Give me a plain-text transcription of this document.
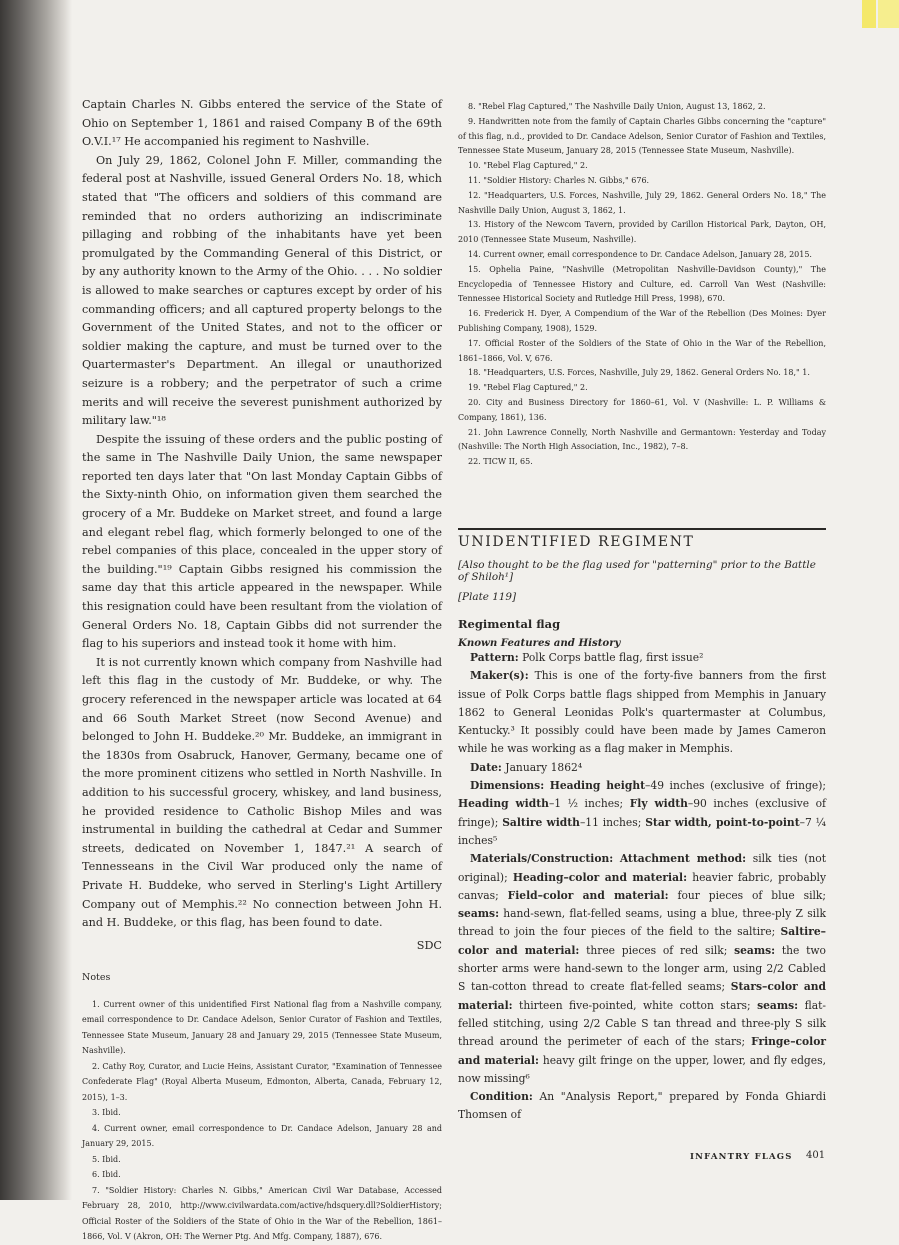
Captain Charles N. Gibbs entered the service of the State of Ohio on September 1, 1861 and raised Company B of the 69th O.V.I.¹⁷ He accompanied his regiment to Nashville.

On July 29, 1862, Colonel John F. Miller, commanding the federal post at Nashville, issued General Orders No. 18, which stated that "The officers and soldiers of this command are reminded that no orders authorizing an indiscriminate pillaging and robbing of the inhabitants have yet been promulgated by the Commanding General of this District, or by any authority known to the Army of the Ohio. . . . No soldier is allowed to make searches or captures except by order of his commanding officers; and all captured property belongs to the Government of the United States, and not to the officer or soldier making the capture, and must be turned over to the Quartermaster's Department. An illegal or unauthorized seizure is a robbery; and the perpetrator of such a crime merits and will receive the severest punishment authorized by military law."¹⁸

Despite the issuing of these orders and the public posting of the same in The Nashville Daily Union, the same newspaper reported ten days later that "On last Monday Captain Gibbs of the Sixty-ninth Ohio, on information given them searched the grocery of a Mr. Buddeke on Market street, and found a large and elegant rebel flag, which formerly belonged to one of the rebel companies of this place, concealed in the upper story of the building."¹⁹ Captain Gibbs resigned his commission the same day that this article appeared in the newspaper. While this resignation could have been resultant from the violation of General Orders No. 18, Captain Gibbs did not surrender the flag to his superiors and instead took it home with him.

It is not currently known which company from Nashville had left this flag in the custody of Mr. Buddeke, or why. The grocery referenced in the newspaper article was located at 64 and 66 South Market Street (now Second Avenue) and belonged to John H. Buddeke.²⁰ Mr. Buddeke, an immigrant in the 1830s from Osabruck, Hanover, Germany, became one of the more prominent citizens who settled in North Nashville. In addition to his successful grocery, whiskey, and land business, he provided residence to Catholic Bishop Miles and was instrumental in building the cathedral at Cedar and Summer streets, dedicated on November 1, 1847.²¹ A search of Tennesseans in the Civil War produced only the name of Private H. Buddeke, who served in Sterling's Light Artillery Company out of Memphis.²² No connection between John H. and H. Buddeke, or this flag, has been found to date.

SDC

Notes

1. Current owner of this unidentified First National flag from a Nashville company, email correspondence to Dr. Candace Adelson, Senior Curator of Fashion and Textiles, Tennessee State Museum, January 28 and January 29, 2015 (Tennessee State Museum, Nashville).

2. Cathy Roy, Curator, and Lucie Heins, Assistant Curator, "Examination of Tennessee Confederate Flag" (Royal Alberta Museum, Edmonton, Alberta, Canada, February 12, 2015), 1–3.

3. Ibid.

4. Current owner, email correspondence to Dr. Candace Adelson, January 28 and January 29, 2015.

5. Ibid.

6. Ibid.

7. "Soldier History: Charles N. Gibbs," American Civil War Database, Accessed February 28, 2010, http://www.civilwardata.com/active/hdsquery.dll?SoldierHistory; Official Roster of the Soldiers of the State of Ohio in the War of the Rebellion, 1861–1866, Vol. V (Akron, OH: The Werner Ptg. And Mfg. Company, 1887), 676.

8. "Rebel Flag Captured," The Nashville Daily Union, August 13, 1862, 2.

9. Handwritten note from the family of Captain Charles Gibbs concerning the "capture" of this flag, n.d., provided to Dr. Candace Adelson, Senior Curator of Fashion and Textiles, Tennessee State Museum, January 28, 2015 (Tennessee State Museum, Nashville).

10. "Rebel Flag Captured," 2.

11. "Soldier History: Charles N. Gibbs," 676.

12. "Headquarters, U.S. Forces, Nashville, July 29, 1862. General Orders No. 18," The Nashville Daily Union, August 3, 1862, 1.

13. History of the Newcom Tavern, provided by Carillon Historical Park, Dayton, OH, 2010 (Tennessee State Museum, Nashville).

14. Current owner, email correspondence to Dr. Candace Adelson, January 28, 2015.

15. Ophelia Paine, "Nashville (Metropolitan Nashville-Davidson County)," The Encyclopedia of Tennessee History and Culture, ed. Carroll Van West (Nashville: Tennessee Historical Society and Rutledge Hill Press, 1998), 670.

16. Frederick H. Dyer, A Compendium of the War of the Rebellion (Des Moines: Dyer Publishing Company, 1908), 1529.

17. Official Roster of the Soldiers of the State of Ohio in the War of the Rebellion, 1861–1866, Vol. V, 676.

18. "Headquarters, U.S. Forces, Nashville, July 29, 1862. General Orders No. 18," 1.

19. "Rebel Flag Captured," 2.

20. City and Business Directory for 1860–61, Vol. V (Nashville: L. P. Williams & Company, 1861), 136.

21. John Lawrence Connelly, North Nashville and Germantown: Yesterday and Today (Nashville: The North High Association, Inc., 1982), 7–8.

22. TICW II, 65.

UNIDENTIFIED REGIMENT

[Also thought to be the flag used for "patterning" prior to the Battle of Shiloh¹]

[Plate 119]

Regimental flag

Known Features and History

Pattern: Polk Corps battle flag, first issue²

Maker(s): This is one of the forty-five banners from the first issue of Polk Corps battle flags shipped from Memphis in January 1862 to General Leonidas Polk's quartermaster at Columbus, Kentucky.³ It possibly could have been made by James Cameron while he was working as a flag maker in Memphis.

Date: January 1862⁴

Dimensions: Heading height–49 inches (exclusive of fringe); Heading width–1 ½ inches; Fly width–90 inches (exclusive of fringe); Saltire width–11 inches; Star width, point-to-point–7 ¼ inches⁵

Materials/Construction: Attachment method: silk ties (not original); Heading–color and material: heavier fabric, probably canvas; Field–color and material: four pieces of blue silk; seams: hand-sewn, flat-felled seams, using a blue, three-ply Z silk thread to join the four pieces of the field to the saltire; Saltire–color and material: three pieces of red silk; seams: the two shorter arms were hand-sewn to the longer arm, using 2/2 Cabled S tan-cotton thread to create flat-felled seams; Stars–color and material: thirteen five-pointed, white cotton stars; seams: flat-felled stitching, using 2/2 Cable S tan thread and three-ply S silk thread around the perimeter of each of the stars; Fringe–color and material: heavy gilt fringe on the upper, lower, and fly edges, now missing⁶

Condition: An "Analysis Report," prepared by Fonda Ghiardi Thomsen of

INFANTRY FLAGS 401
